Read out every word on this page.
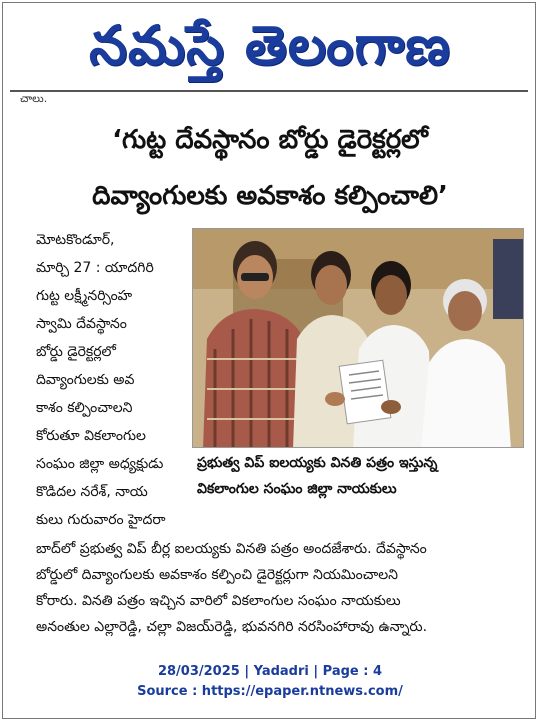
నమస్తే తెలంగాణ
చాలు.
‘గుట్ట దేవస్థానం బోర్డు డైరెక్టర్లలో
దివ్యాంగులకు అవకాశం కల్పించాలి’
మోటకొండూర్,
మార్చి 27 : యాదగిరి
గుట్ట లక్ష్మీనర్సింహ
స్వామి దేవస్థానం
బోర్డు డైరెక్టర్లలో
దివ్యాంగులకు అవ
కాశం కల్పించాలని
కోరుతూ వికలాంగుల
సంఘం జిల్లా అధ్యక్షుడు
కొడిదల నరేశ్, నాయ
కులు గురువారం హైదరా
ప్రభుత్వ విప్ ఐలయ్యకు వినతి పత్రం ఇస్తున్న
వికలాంగుల సంఘం జిల్లా నాయకులు
బాద్‌లో ప్రభుత్వ విప్ బీర్ల ఐలయ్యకు వినతి పత్రం అందజేశారు. దేవస్థానం
బోర్డులో దివ్యాంగులకు అవకాశం కల్పించి డైరెక్టర్లుగా నియమించాలని
కోరారు. వినతి పత్రం ఇచ్చిన వారిలో వికలాంగుల సంఘం నాయకులు
అనంతుల ఎల్లారెడ్డి, చల్లా విజయ్‌రెడ్డి, భువనగిరి నరసింహారావు ఉన్నారు.
28/03/2025 | Yadadri | Page : 4
Source : https://epaper.ntnews.com/
